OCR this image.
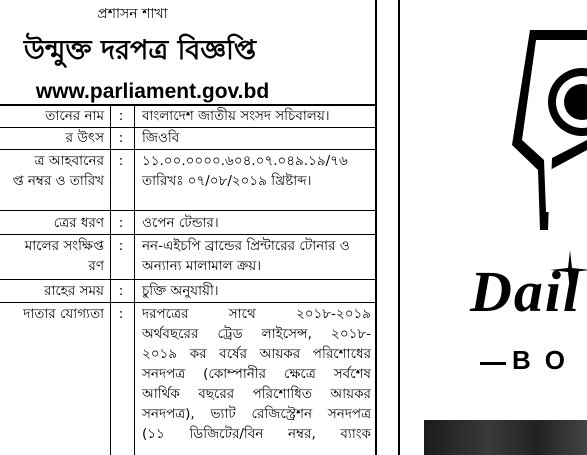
প্রশাসন শাখা
উন্মুক্ত দরপত্র বিজ্ঞপ্তি
www.parliament.gov.bd
তানের নাম : বাংলাদেশ জাতীয় সংসদ সচিবালয়।
র উৎস : জিওবি
ত্র আহবানের
প্ত নম্বর ও তারিখ
: ১১.০০.০০০০.৬০৪.০৭.০৪৯.১৯/৭৬
তারিখঃ ০৭/০৮/২০১৯ খ্রিষ্টাব্দ।
ত্রের ধরণ : ওপেন টেন্ডার।
মালের সংক্ষিপ্ত
রণ
: নন-এইচপি ব্রান্ডের প্রিন্টারের টোনার ও
অন্যান্য মালামাল ক্রয়।
রাহের সময় : চুক্তি অনুযায়ী।
দাতার যোগ্যতা : দরপত্রের সাথে ২০১৮-২০১৯
অর্থবছরের ট্রেড লাইসেন্স, ২০১৮-
২০১৯ কর বর্ষের আয়কর পরিশোধের
সনদপত্র (কোম্পানীর ক্ষেত্রে সর্বশেষ
আর্থিক বছরের পরিশোধিত আয়কর
সনদপত্র), ভ্যাট রেজিস্ট্রেশন সনদপত্র
(১১ ডিজিটের/বিন নম্বর, ব্যাংক
Dail
BO
